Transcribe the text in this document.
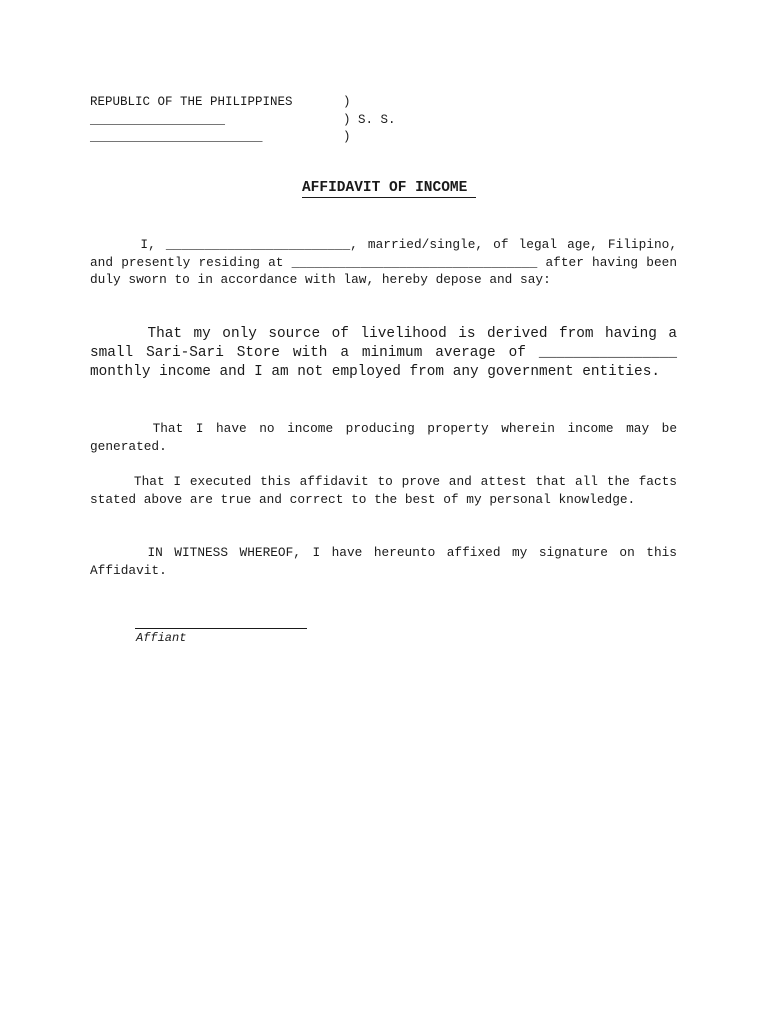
REPUBLIC OF THE PHILIPPINES	)
__________________	) S. S.
_______________________	)
AFFIDAVIT OF INCOME

I, ________________________, married/single, of legal age, Filipino, and presently residing at ________________________________ after having been duly sworn to in accordance with law, hereby depose and say:

That my only source of livelihood is derived from having a small Sari-Sari Store with a minimum average of ________________ monthly income and I am not employed from any government entities.

That I have no income producing property wherein income may be generated.

That I executed this affidavit to prove and attest that all the facts stated above are true and correct to the best of my personal knowledge.

IN WITNESS WHEREOF, I have hereunto affixed my signature on this Affidavit.

Affiant
